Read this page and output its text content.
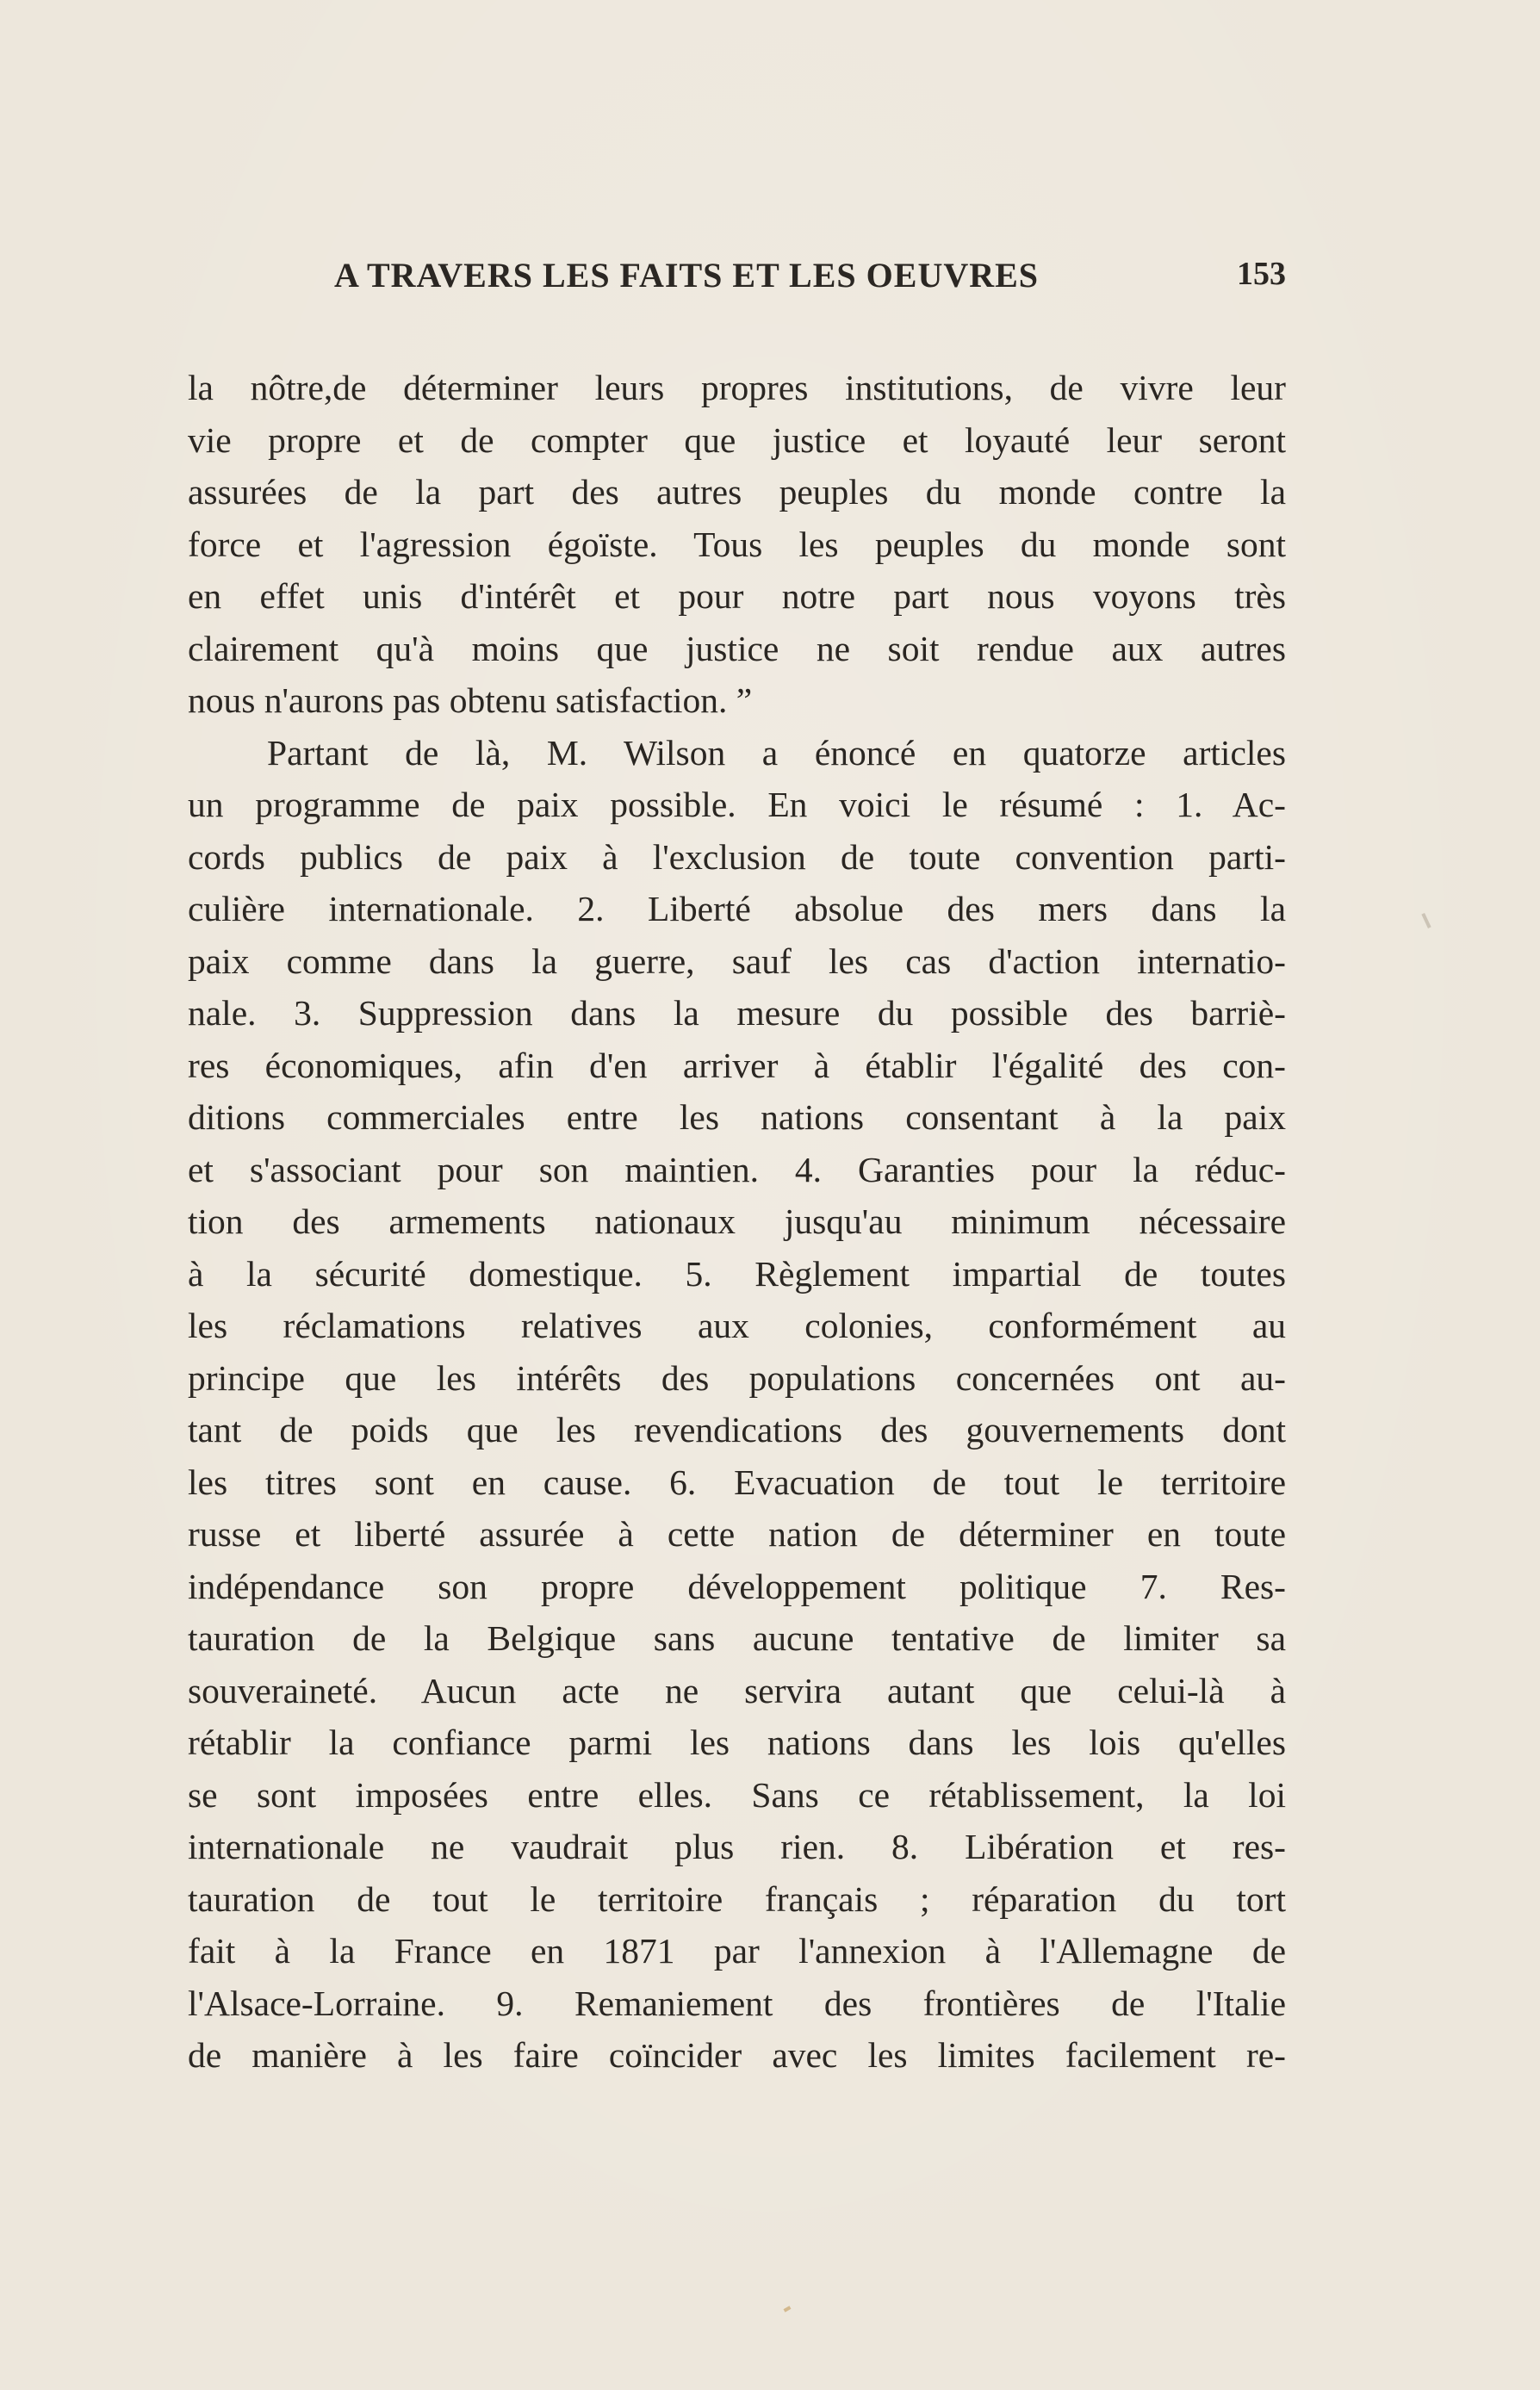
A TRAVERS LES FAITS ET LES OEUVRES	153
la nôtre,de déterminer leurs propres institutions, de vivre leur
vie propre et de compter que justice et loyauté leur seront
assurées de la part des autres peuples du monde contre la
force et l'agression égoïste. Tous les peuples du monde sont
en effet unis d'intérêt et pour notre part nous voyons très
clairement qu'à moins que justice ne soit rendue aux autres
nous n'aurons pas obtenu satisfaction. ”
Partant de là, M. Wilson a énoncé en quatorze articles
un programme de paix possible. En voici le résumé : 1. Ac-
cords publics de paix à l'exclusion de toute convention parti-
culière internationale. 2. Liberté absolue des mers dans la
paix comme dans la guerre, sauf les cas d'action internatio-
nale. 3. Suppression dans la mesure du possible des barriè-
res économiques, afin d'en arriver à établir l'égalité des con-
ditions commerciales entre les nations consentant à la paix
et s'associant pour son maintien. 4. Garanties pour la réduc-
tion des armements nationaux jusqu'au minimum nécessaire
à la sécurité domestique. 5. Règlement impartial de toutes
les réclamations relatives aux colonies, conformément au
principe que les intérêts des populations concernées ont au-
tant de poids que les revendications des gouvernements dont
les titres sont en cause. 6. Evacuation de tout le territoire
russe et liberté assurée à cette nation de déterminer en toute
indépendance son propre développement politique 7. Res-
tauration de la Belgique sans aucune tentative de limiter sa
souveraineté. Aucun acte ne servira autant que celui-là à
rétablir la confiance parmi les nations dans les lois qu'elles
se sont imposées entre elles. Sans ce rétablissement, la loi
internationale ne vaudrait plus rien. 8. Libération et res-
tauration de tout le territoire français ; réparation du tort
fait à la France en 1871 par l'annexion à l'Allemagne de
l'Alsace-Lorraine. 9. Remaniement des frontières de l'Italie
de manière à les faire coïncider avec les limites facilement re-
